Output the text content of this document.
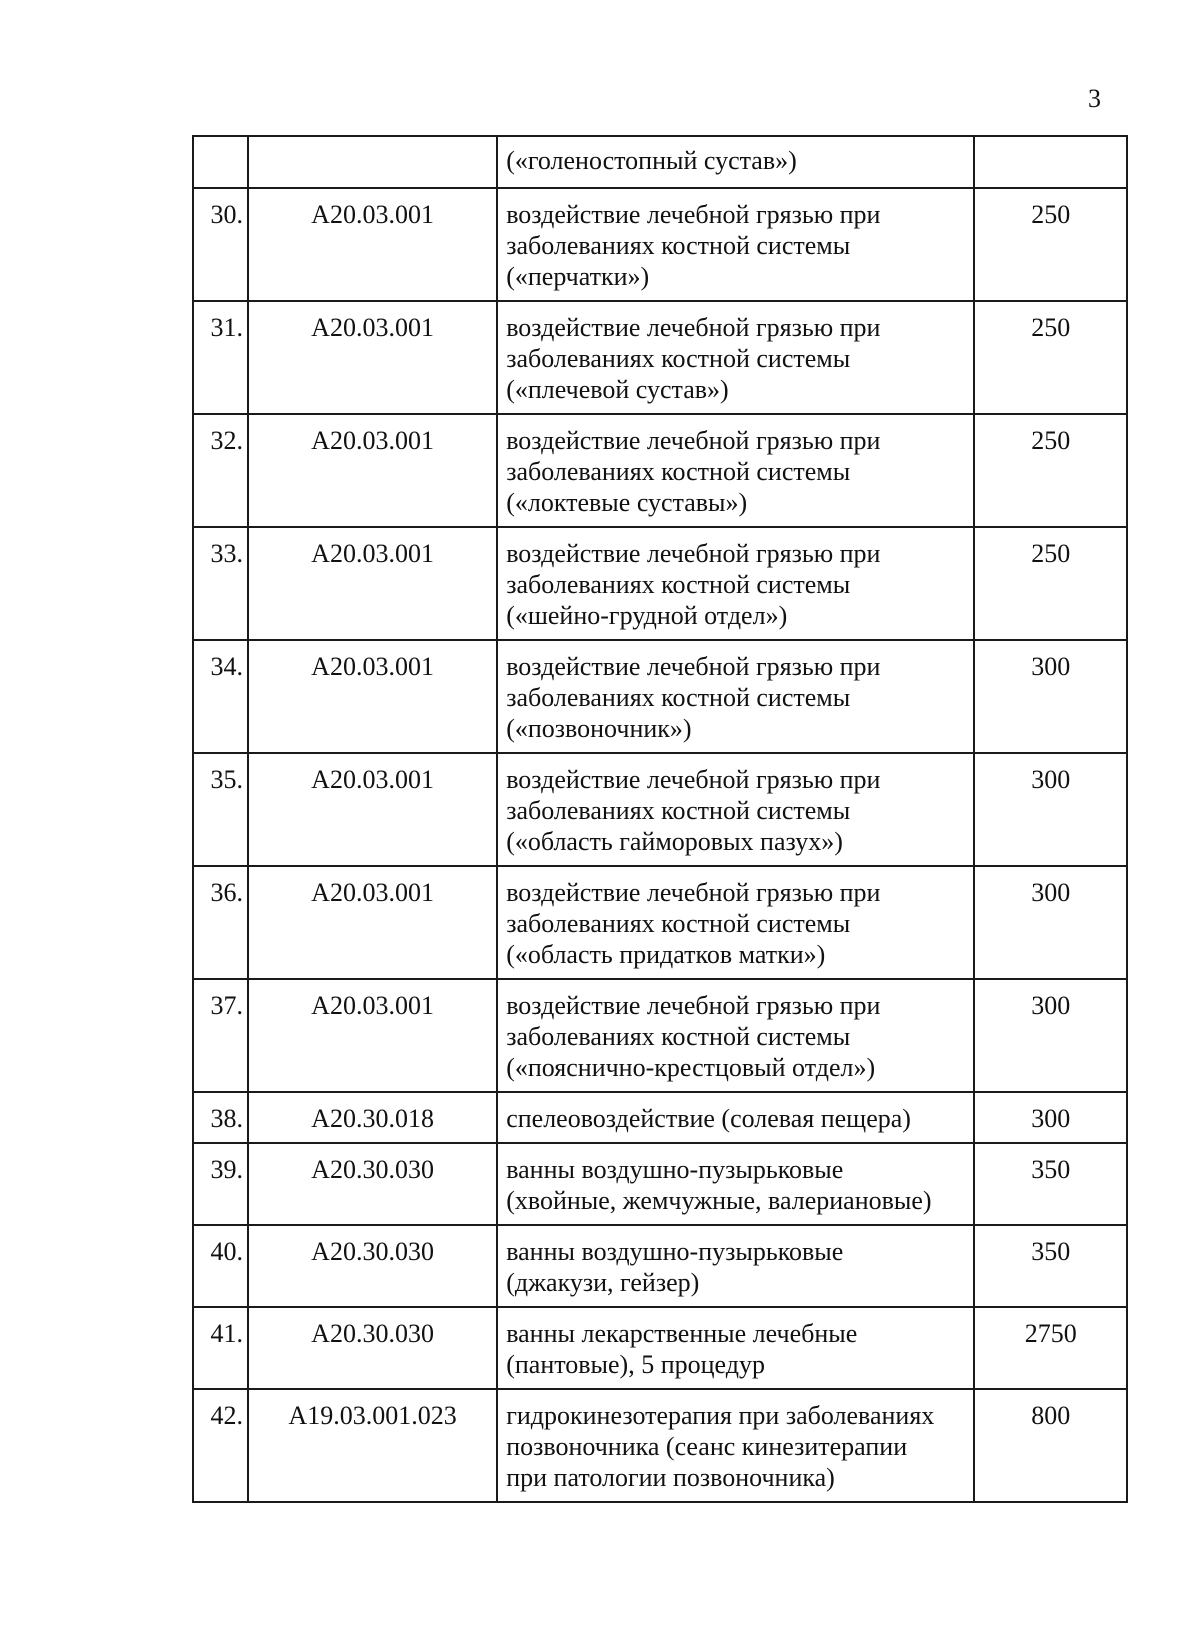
3

		(«голеностопный сустав»)	

30.	А20.03.001	воздействие лечебной грязью при
заболеваниях костной системы
(«перчатки»)	250
31.	А20.03.001	воздействие лечебной грязью при
заболеваниях костной системы
(«плечевой сустав»)	250
32.	А20.03.001	воздействие лечебной грязью при
заболеваниях костной системы
(«локтевые суставы»)	250
33.	А20.03.001	воздействие лечебной грязью при
заболеваниях костной системы
(«шейно-грудной отдел»)	250
34.	А20.03.001	воздействие лечебной грязью при
заболеваниях костной системы
(«позвоночник»)	300
35.	А20.03.001	воздействие лечебной грязью при
заболеваниях костной системы
(«область гайморовых пазух»)	300
36.	А20.03.001	воздействие лечебной грязью при
заболеваниях костной системы
(«область придатков матки»)	300
37.	А20.03.001	воздействие лечебной грязью при
заболеваниях костной системы
(«пояснично-крестцовый отдел»)	300
38.	А20.30.018	спелеовоздействие (солевая пещера)	300
39.	А20.30.030	ванны воздушно-пузырьковые
(хвойные, жемчужные, валериановые)	350
40.	А20.30.030	ванны воздушно-пузырьковые
(джакузи, гейзер)	350
41.	А20.30.030	ванны лекарственные лечебные
(пантовые), 5 процедур	2750
42.	А19.03.001.023	гидрокинезотерапия при заболеваниях
позвоночника (сеанс кинезитерапии
при патологии позвоночника)	800
